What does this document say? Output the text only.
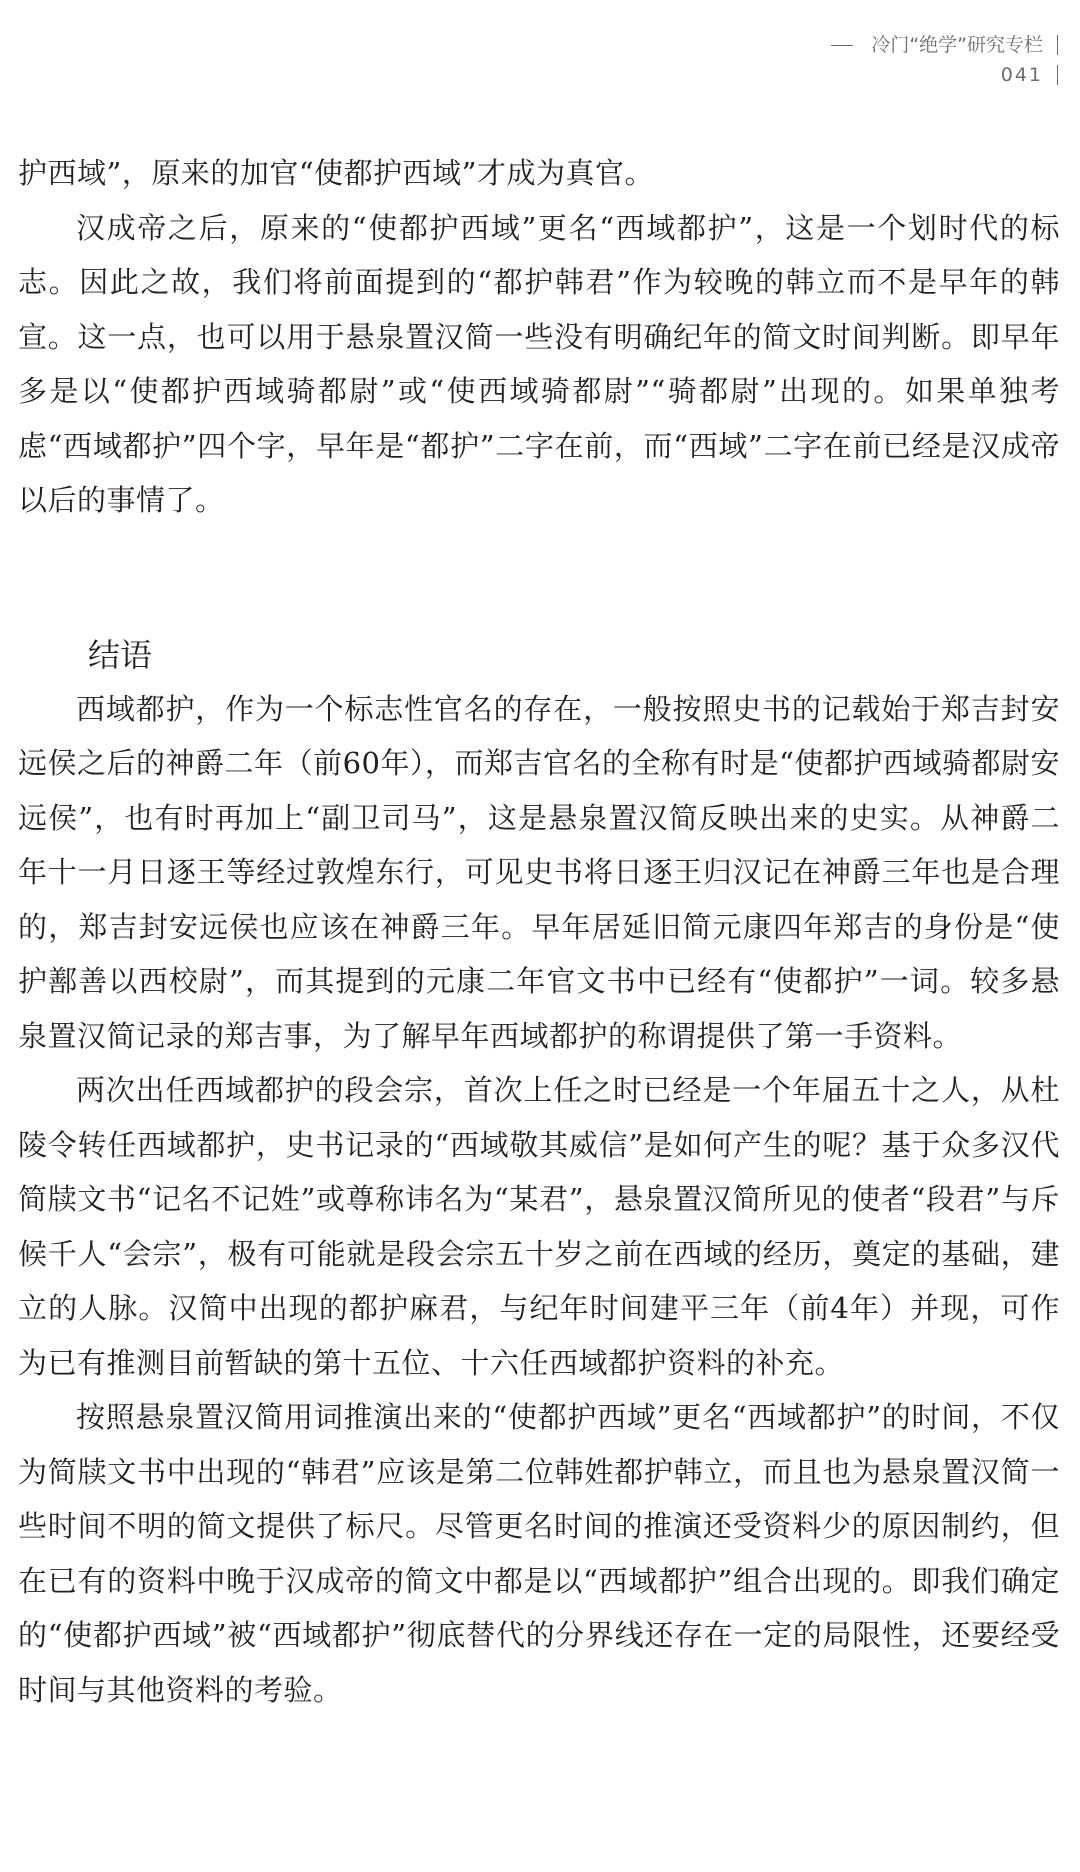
冷门“绝学”研究专栏
041

护西域”，原来的加官“使都护西域”才成为真官。

汉成帝之后，原来的“使都护西域”更名“西域都护”，这是一个划时代的标志。因此之故，我们将前面提到的“都护韩君”作为较晚的韩立而不是早年的韩宣。这一点，也可以用于悬泉置汉简一些没有明确纪年的简文时间判断。即早年多是以“使都护西域骑都尉”或“使西域骑都尉”“骑都尉”出现的。如果单独考虑“西域都护”四个字，早年是“都护”二字在前，而“西域”二字在前已经是汉成帝以后的事情了。

结语

西域都护，作为一个标志性官名的存在，一般按照史书的记载始于郑吉封安远侯之后的神爵二年（前60年），而郑吉官名的全称有时是“使都护西域骑都尉安远侯”，也有时再加上“副卫司马”，这是悬泉置汉简反映出来的史实。从神爵二年十一月日逐王等经过敦煌东行，可见史书将日逐王归汉记在神爵三年也是合理的，郑吉封安远侯也应该在神爵三年。早年居延旧简元康四年郑吉的身份是“使护鄯善以西校尉”，而其提到的元康二年官文书中已经有“使都护”一词。较多悬泉置汉简记录的郑吉事，为了解早年西域都护的称谓提供了第一手资料。

两次出任西域都护的段会宗，首次上任之时已经是一个年届五十之人，从杜陵令转任西域都护，史书记录的“西域敬其威信”是如何产生的呢？基于众多汉代简牍文书“记名不记姓”或尊称讳名为“某君”，悬泉置汉简所见的使者“段君”与斥候千人“会宗”，极有可能就是段会宗五十岁之前在西域的经历，奠定的基础，建立的人脉。汉简中出现的都护麻君，与纪年时间建平三年（前4年）并现，可作为已有推测目前暂缺的第十五位、十六任西域都护资料的补充。

按照悬泉置汉简用词推演出来的“使都护西域”更名“西域都护”的时间，不仅为简牍文书中出现的“韩君”应该是第二位韩姓都护韩立，而且也为悬泉置汉简一些时间不明的简文提供了标尺。尽管更名时间的推演还受资料少的原因制约，但在已有的资料中晚于汉成帝的简文中都是以“西域都护”组合出现的。即我们确定的“使都护西域”被“西域都护”彻底替代的分界线还存在一定的局限性，还要经受时间与其他资料的考验。
